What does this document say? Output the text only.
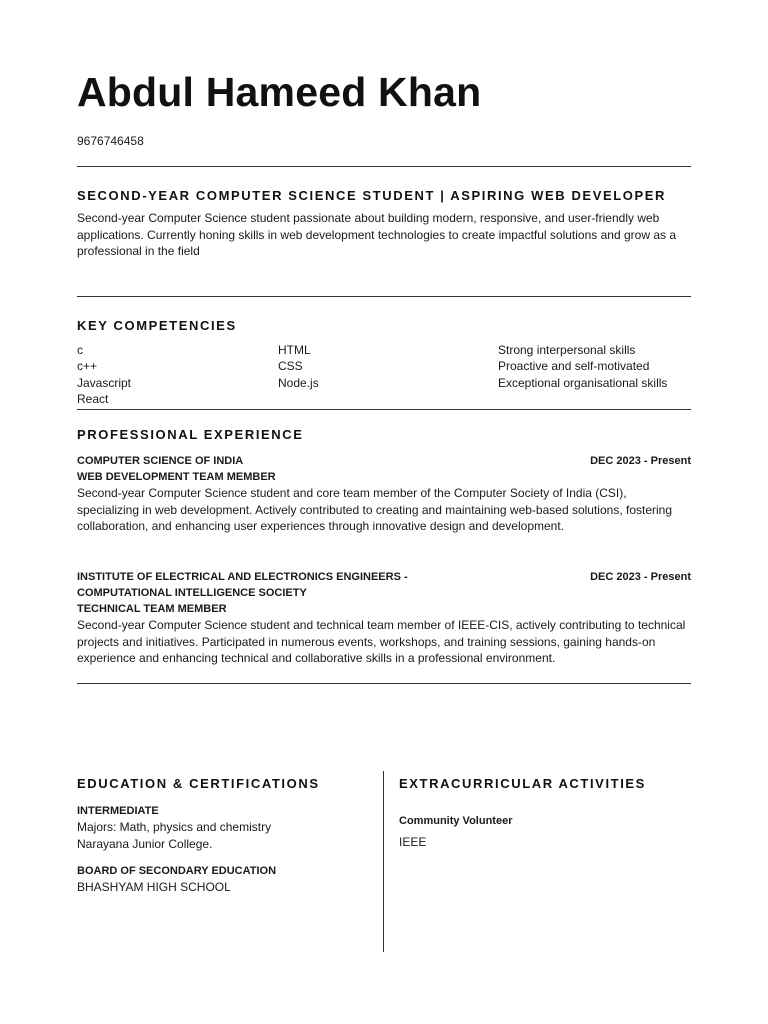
Abdul Hameed Khan
9676746458
SECOND-YEAR COMPUTER SCIENCE STUDENT | ASPIRING WEB DEVELOPER

Second-year Computer Science student passionate about building modern, responsive, and user-friendly web applications. Currently honing skills in web development technologies to create impactful solutions and grow as a professional in the field

KEY COMPETENCIES
c
c++
Javascript
React
HTML
CSS
Node.js
Strong interpersonal skills
Proactive and self-motivated
Exceptional organisational skills
PROFESSIONAL EXPERIENCE
COMPUTER SCIENCE OF INDIA
WEB DEVELOPMENT TEAM MEMBER
DEC 2023 - Present

Second-year Computer Science student and core team member of the Computer Society of India (CSI), specializing in web development. Actively contributed to creating and maintaining web-based solutions, fostering collaboration, and enhancing user experiences through innovative design and development.

INSTITUTE OF ELECTRICAL AND ELECTRONICS ENGINEERS -
COMPUTATIONAL INTELLIGENCE SOCIETY
TECHNICAL TEAM MEMBER
DEC 2023 - Present

Second-year Computer Science student and technical team member of IEEE-CIS, actively contributing to technical projects and initiatives. Participated in numerous events, workshops, and training sessions, gaining hands-on experience and enhancing technical and collaborative skills in a professional environment.

EDUCATION & CERTIFICATIONS
INTERMEDIATE
Majors: Math, physics and chemistry
Narayana Junior College.
BOARD OF SECONDARY EDUCATION
BHASHYAM HIGH SCHOOL
EXTRACURRICULAR ACTIVITIES
Community Volunteer
IEEE
